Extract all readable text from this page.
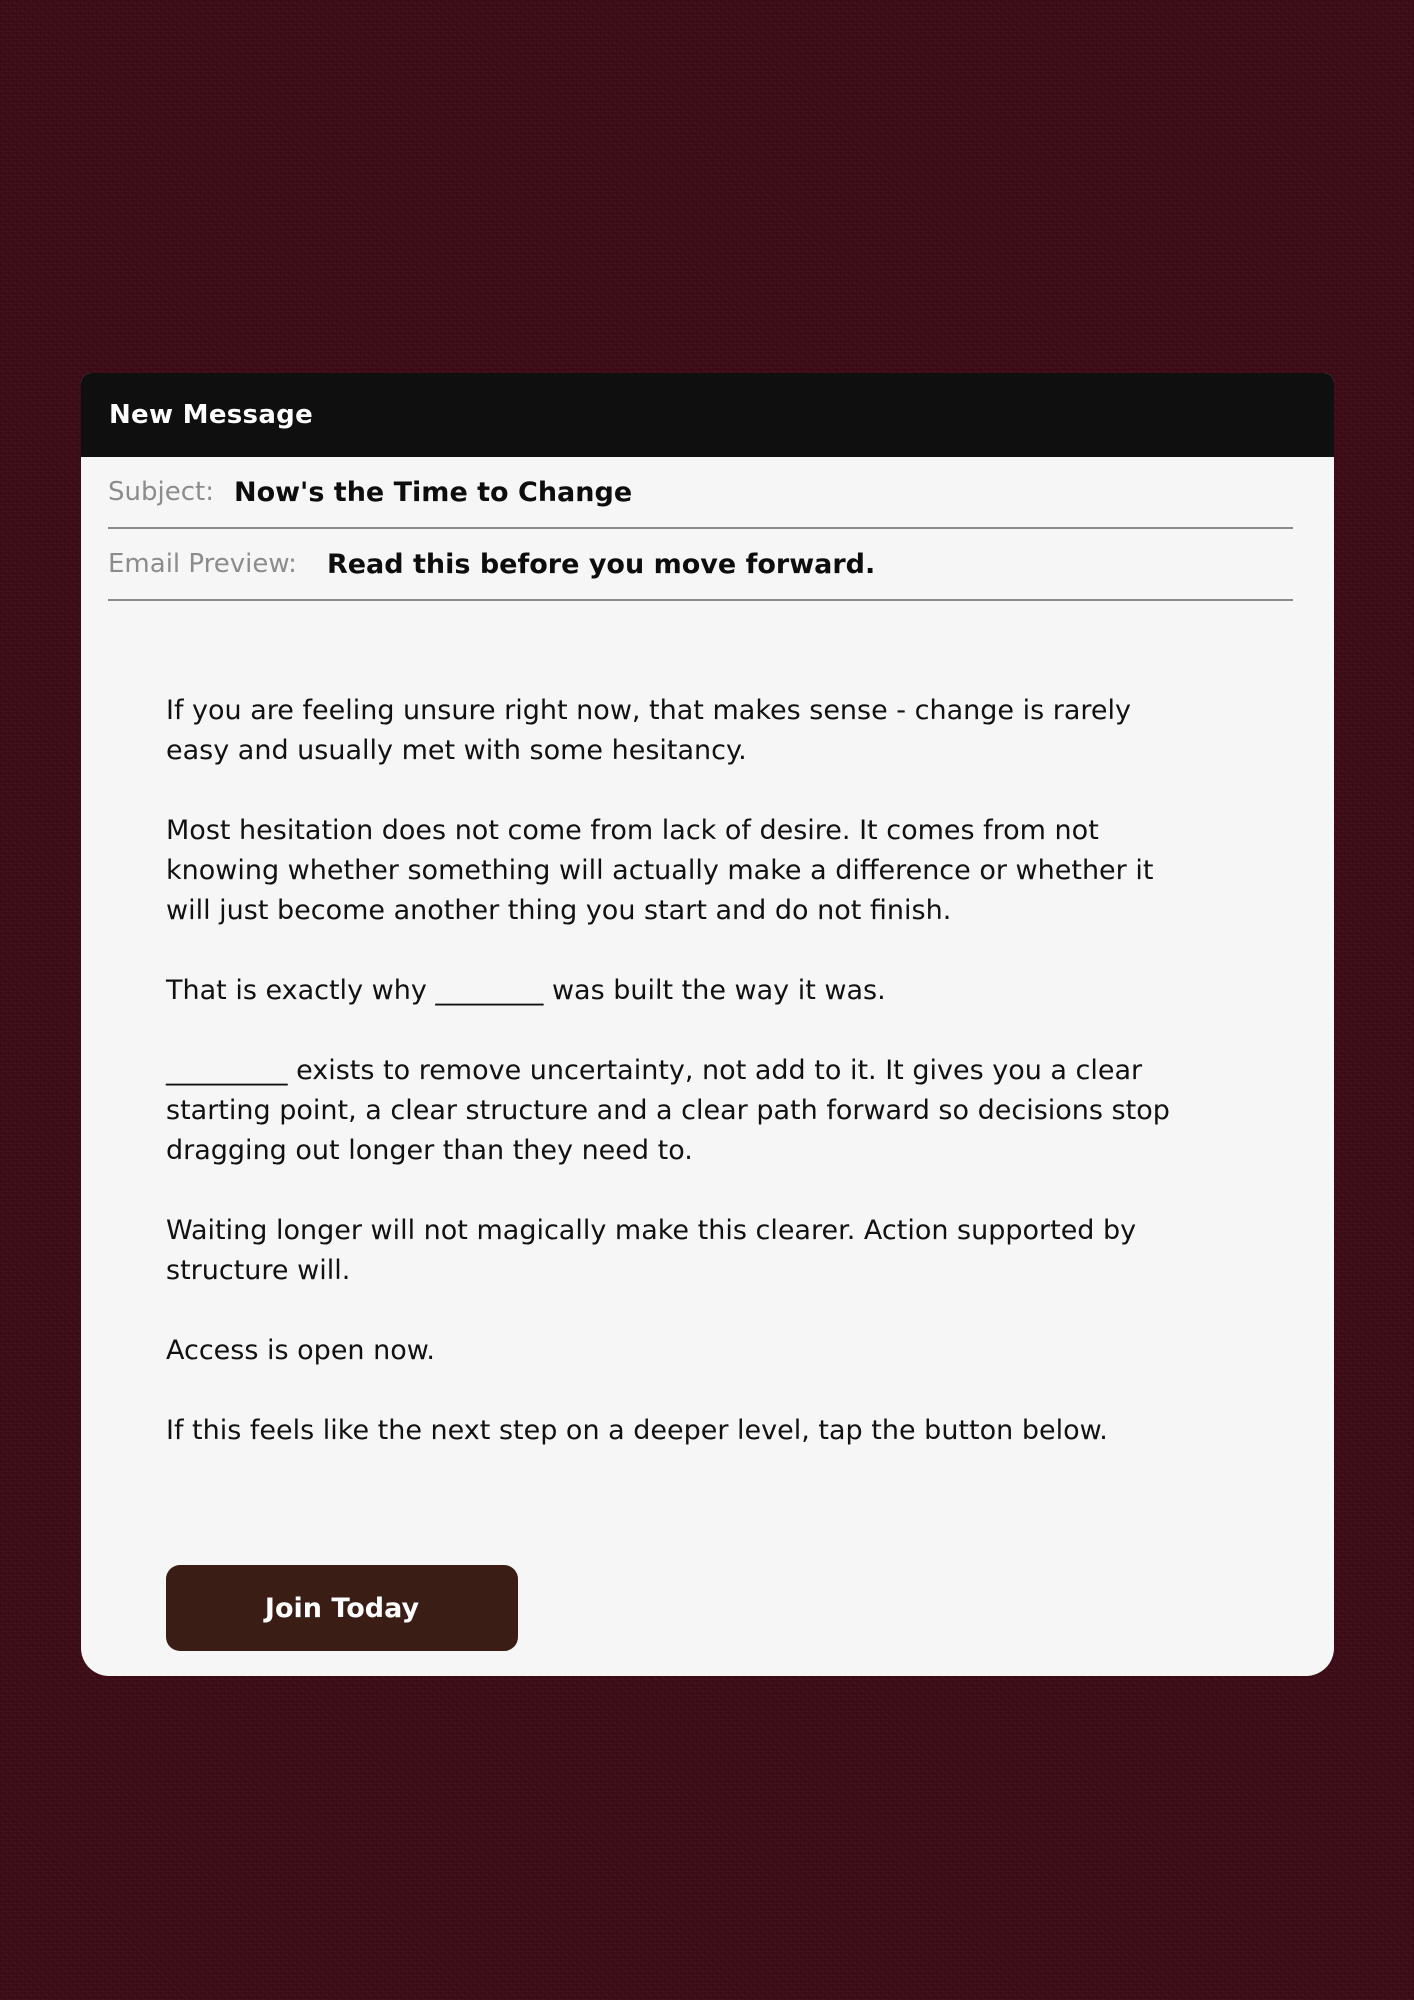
New Message
Subject: Now's the Time to Change
Email Preview: Read this before you move forward.

If you are feeling unsure right now, that makes sense - change is rarely easy and usually met with some hesitancy.

Most hesitation does not come from lack of desire. It comes from not knowing whether something will actually make a difference or whether it will just become another thing you start and do not finish.

That is exactly why ________ was built the way it was.

_________ exists to remove uncertainty, not add to it. It gives you a clear starting point, a clear structure and a clear path forward so decisions stop dragging out longer than they need to.

Waiting longer will not magically make this clearer. Action supported by structure will.

Access is open now.

If this feels like the next step on a deeper level, tap the button below.

Join Today
